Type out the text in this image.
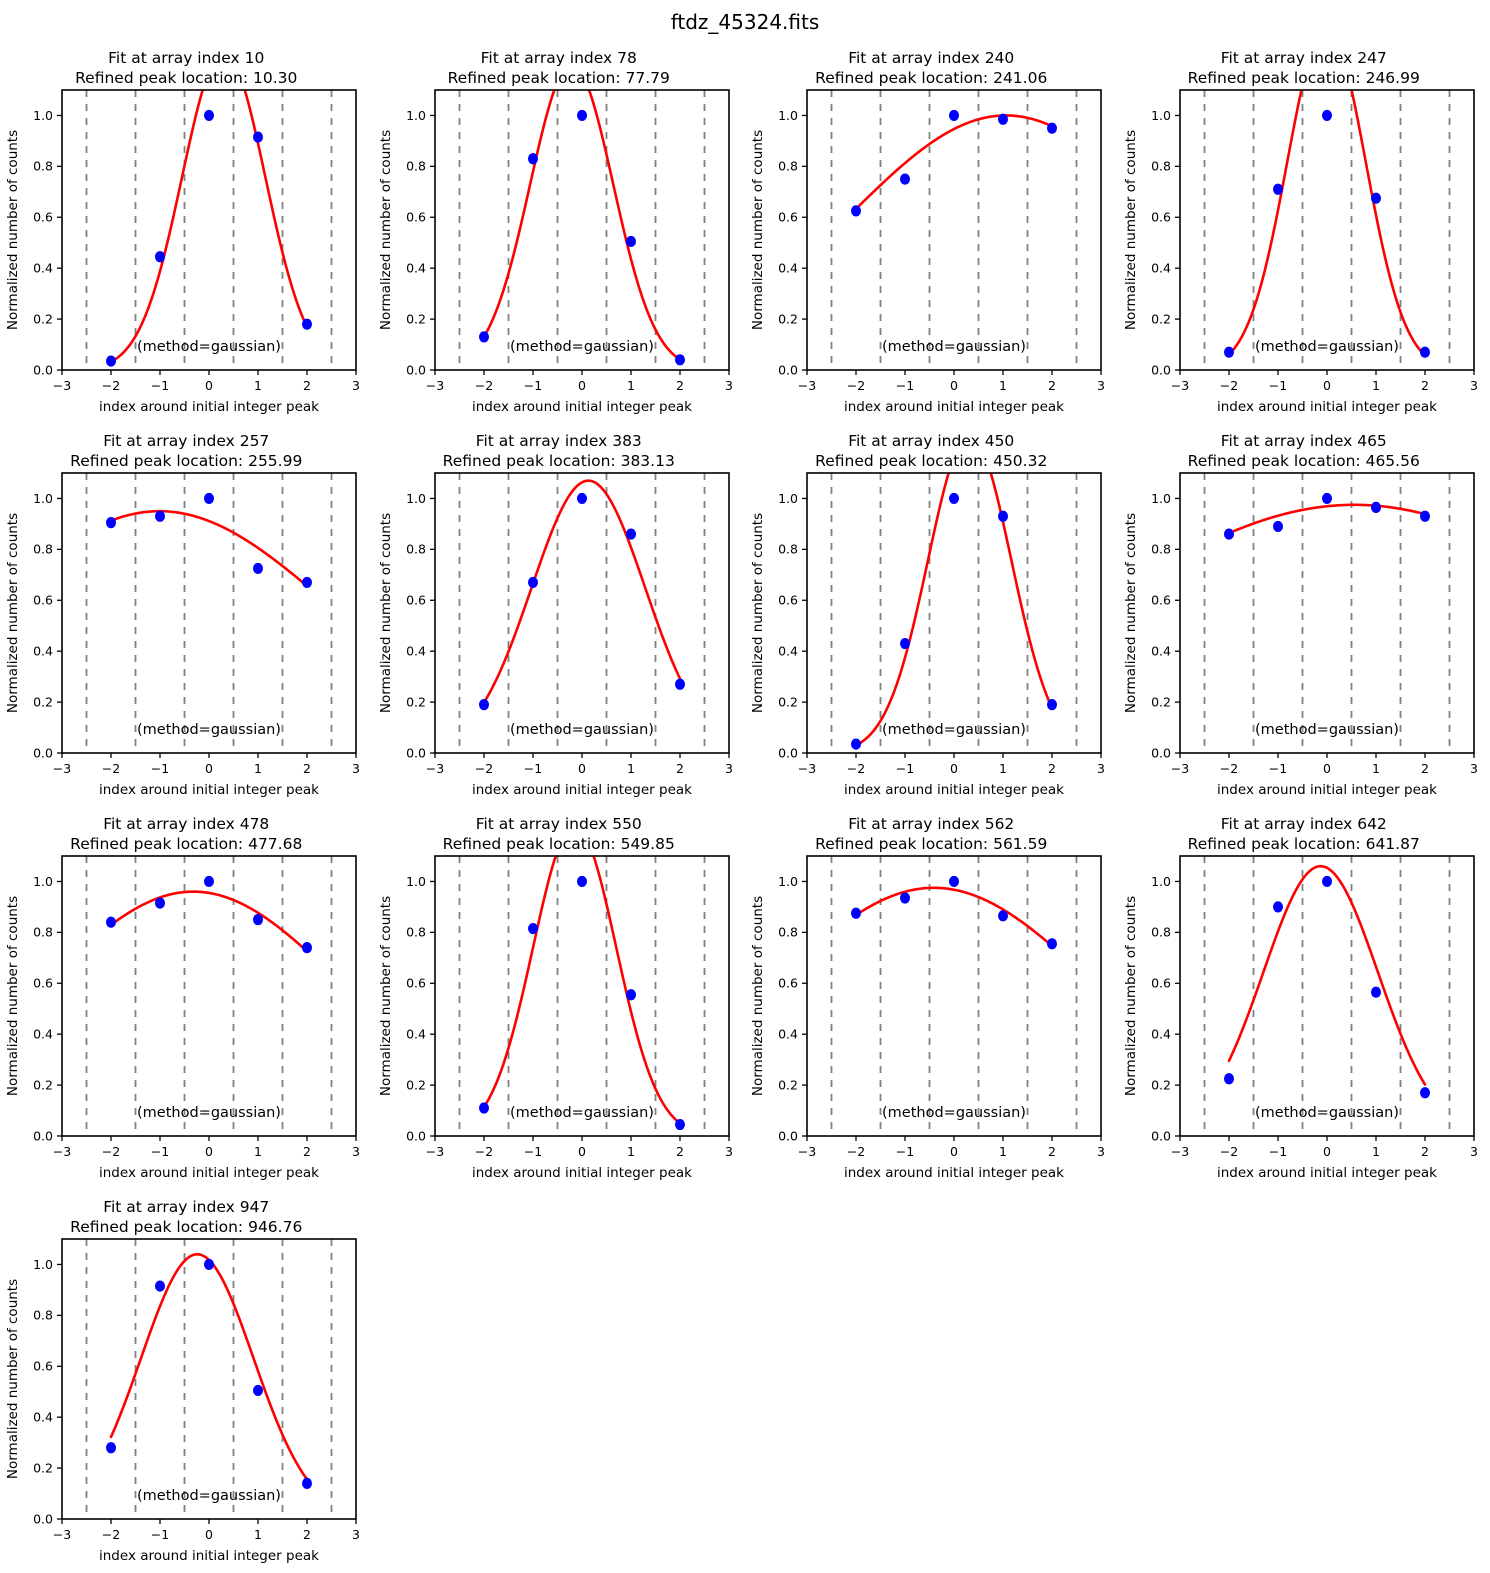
ftdz_45324.fits
Fit at array index 10
Refined peak location: 10.30
(method=gaussian)
−3 −2 −1	0	1	2	3
0.0
0.2
0.4
0.6
0.8
1.0
index around initial integer peak
Normalized number of counts
Fit at array index 78
Refined peak location: 77.79
(method=gaussian)
−3 −2 −1	0	1	2	3
0.0
0.2
0.4
0.6
0.8
1.0
index around initial integer peak
Normalized number of counts
Fit at array index 240
Refined peak location: 241.06
(method=gaussian)
−3 −2 −1	0	1	2	3
0.0
0.2
0.4
0.6
0.8
1.0
index around initial integer peak
Normalized number of counts
Fit at array index 247
Refined peak location: 246.99
(method=gaussian)
−3 −2 −1	0	1	2	3
0.0
0.2
0.4
0.6
0.8
1.0
index around initial integer peak
Normalized number of counts
Fit at array index 257
Refined peak location: 255.99
(method=gaussian)
−3 −2 −1	0	1	2	3
0.0
0.2
0.4
0.6
0.8
1.0
index around initial integer peak
Normalized number of counts
Fit at array index 383
Refined peak location: 383.13
(method=gaussian)
−3 −2 −1	0	1	2	3
0.0
0.2
0.4
0.6
0.8
1.0
index around initial integer peak
Normalized number of counts
Fit at array index 450
Refined peak location: 450.32
(method=gaussian)
−3 −2 −1	0	1	2	3
0.0
0.2
0.4
0.6
0.8
1.0
index around initial integer peak
Normalized number of counts
Fit at array index 465
Refined peak location: 465.56
(method=gaussian)
−3 −2 −1	0	1	2	3
0.0
0.2
0.4
0.6
0.8
1.0
index around initial integer peak
Normalized number of counts
Fit at array index 478
Refined peak location: 477.68
(method=gaussian)
−3 −2 −1	0	1	2	3
0.0
0.2
0.4
0.6
0.8
1.0
index around initial integer peak
Normalized number of counts
Fit at array index 550
Refined peak location: 549.85
(method=gaussian)
−3 −2 −1	0	1	2	3
0.0
0.2
0.4
0.6
0.8
1.0
index around initial integer peak
Normalized number of counts
Fit at array index 562
Refined peak location: 561.59
(method=gaussian)
−3 −2 −1	0	1	2	3
0.0
0.2
0.4
0.6
0.8
1.0
index around initial integer peak
Normalized number of counts
Fit at array index 642
Refined peak location: 641.87
(method=gaussian)
−3 −2 −1	0	1	2	3
0.0
0.2
0.4
0.6
0.8
1.0
index around initial integer peak
Normalized number of counts
Fit at array index 947
Refined peak location: 946.76
(method=gaussian)
−3 −2 −1	0	1	2	3
0.0
0.2
0.4
0.6
0.8
1.0
index around initial integer peak
Normalized number of counts
